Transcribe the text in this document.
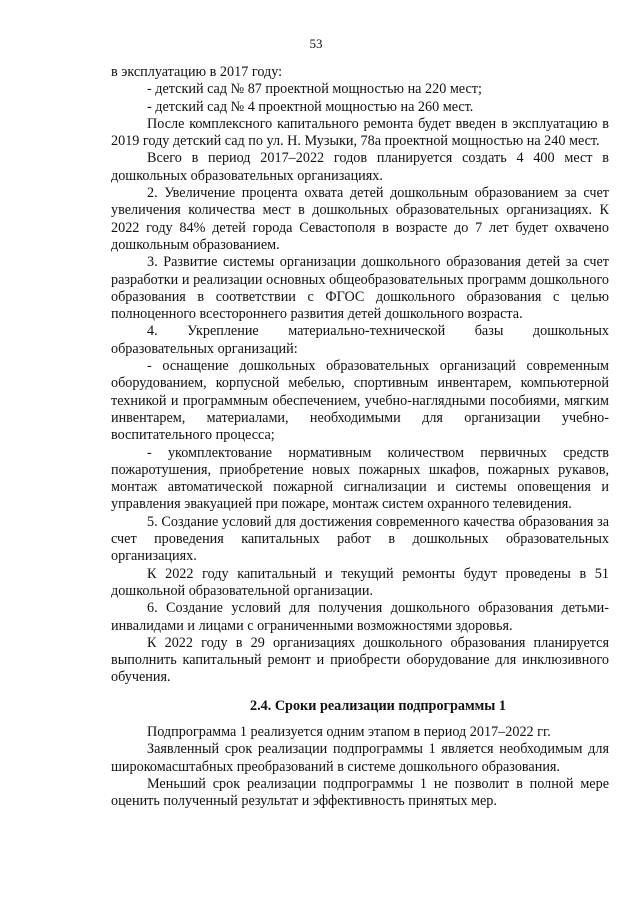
53

в эксплуатацию в 2017 году:

- детский сад № 87 проектной мощностью на 220 мест;

- детский сад № 4 проектной мощностью на 260 мест.

После комплексного капитального ремонта будет введен в эксплуатацию в 2019 году детский сад по ул. Н. Музыки, 78а проектной мощностью на 240 мест.

Всего в период 2017–2022 годов планируется создать 4 400 мест в дошкольных образовательных организациях.

2. Увеличение процента охвата детей дошкольным образованием за счет увеличения количества мест в дошкольных образовательных организациях. К 2022 году 84% детей города Севастополя в возрасте до 7 лет будет охвачено дошкольным образованием.

3. Развитие системы организации дошкольного образования детей за счет разработки и реализации основных общеобразовательных программ дошкольного образования в соответствии с ФГОС дошкольного образования с целью полноценного всестороннего развития детей дошкольного возраста.

4. Укрепление материально-технической базы дошкольных образовательных организаций:

- оснащение дошкольных образовательных организаций современным оборудованием, корпусной мебелью, спортивным инвентарем, компьютерной техникой и программным обеспечением, учебно-наглядными пособиями, мягким инвентарем, материалами, необходимыми для организации учебно-воспитательного процесса;

- укомплектование нормативным количеством первичных средств пожаротушения, приобретение новых пожарных шкафов, пожарных рукавов, монтаж автоматической пожарной сигнализации и системы оповещения и управления эвакуацией при пожаре, монтаж систем охранного телевидения.

5. Создание условий для достижения современного качества образования за счет проведения капитальных работ в дошкольных образовательных организациях.

К 2022 году капитальный и текущий ремонты будут проведены в 51 дошкольной образовательной организации.

6. Создание условий для получения дошкольного образования детьми-инвалидами и лицами с ограниченными возможностями здоровья.

К 2022 году в 29 организациях дошкольного образования планируется выполнить капитальный ремонт и приобрести оборудование для инклюзивного обучения.

2.4. Сроки реализации подпрограммы 1

Подпрограмма 1 реализуется одним этапом в период 2017–2022 гг.

Заявленный срок реализации подпрограммы 1 является необходимым для широкомасштабных преобразований в системе дошкольного образования.

Меньший срок реализации подпрограммы 1 не позволит в полной мере оценить полученный результат и эффективность принятых мер.
